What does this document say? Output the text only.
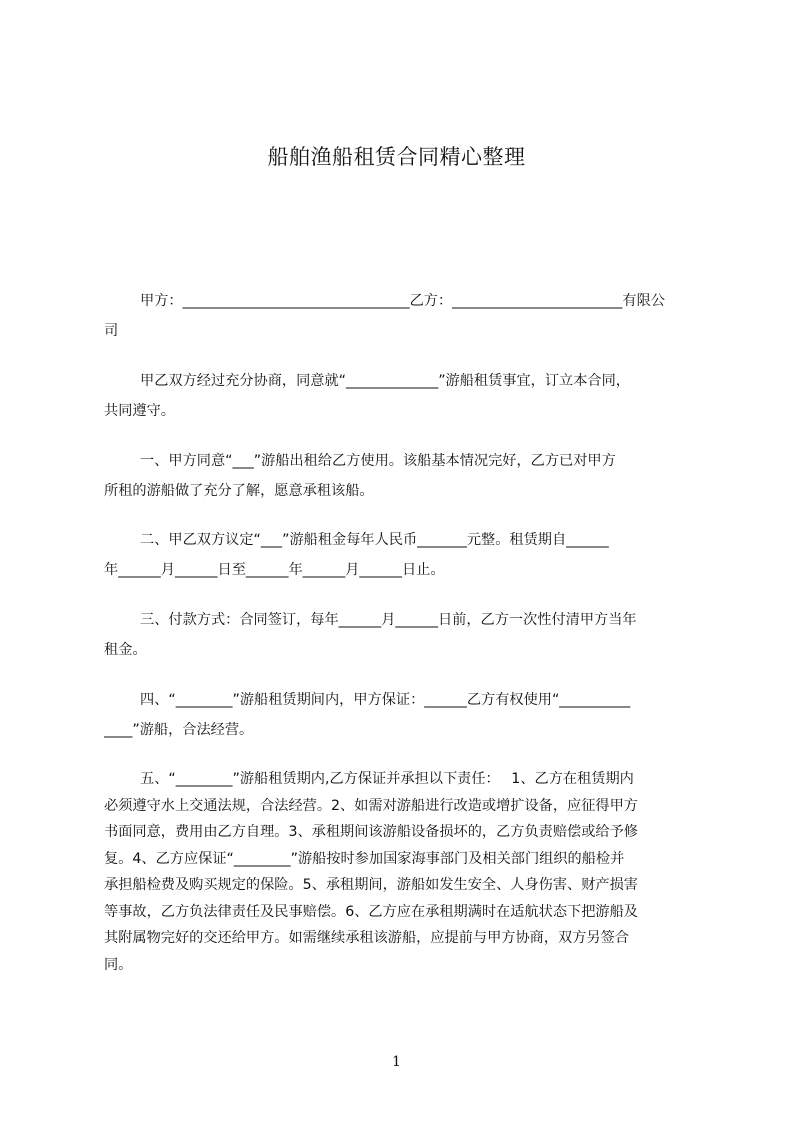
船舶渔船租赁合同精心整理
甲方：________________________________乙方：________________________有限公
司
甲乙双方经过充分协商，同意就“_____________”游船租赁事宜，订立本合同，
共同遵守。
一、甲方同意“___”游船出租给乙方使用。该船基本情况完好，乙方已对甲方
所租的游船做了充分了解，愿意承租该船。
二、甲乙双方议定“___”游船租金每年人民币_______元整。租赁期自______
年______月______日至______年______月______日止。
三、付款方式：合同签订，每年______月______日前，乙方一次性付清甲方当年
租金。
四、“________”游船租赁期间内，甲方保证：______乙方有权使用“__________
____”游船，合法经营。
五、“________”游船租赁期内,乙方保证并承担以下责任：　 1、乙方在租赁期内
必须遵守水上交通法规，合法经营。2、如需对游船进行改造或增扩设备，应征得甲方
书面同意，费用由乙方自理。3、承租期间该游船设备损坏的，乙方负责赔偿或给予修
复。4、乙方应保证“________”游船按时参加国家海事部门及相关部门组织的船检并
承担船检费及购买规定的保险。5、承租期间，游船如发生安全、人身伤害、财产损害
等事故，乙方负法律责任及民事赔偿。6、乙方应在承租期满时在适航状态下把游船及
其附属物完好的交还给甲方。如需继续承租该游船，应提前与甲方协商，双方另签合
同。
1
